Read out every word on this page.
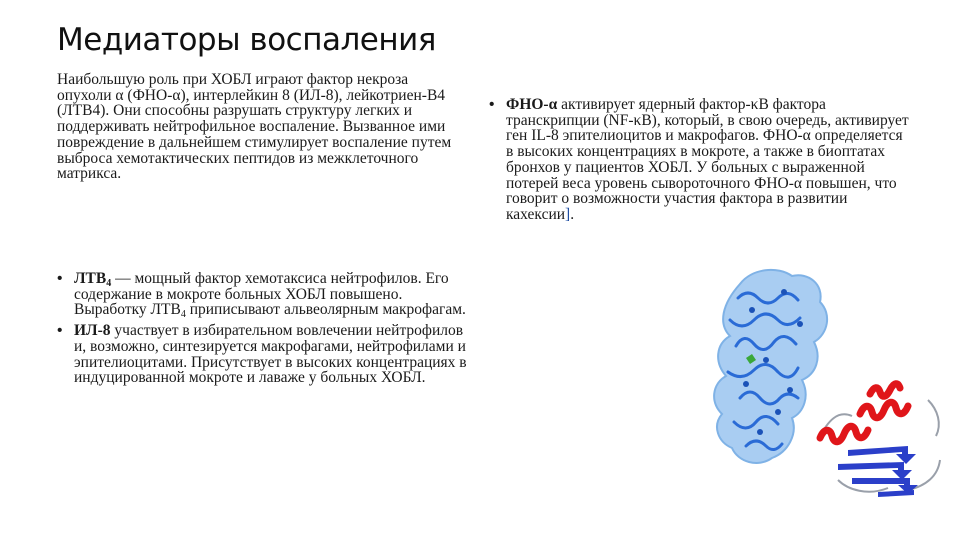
Медиаторы воспаления
Наибольшую роль при ХОБЛ играют фактор некроза опухоли α (ФНО-α), интерлейкин 8 (ИЛ-8), лейкотриен-В4 (ЛТВ4). Они способны разрушать структуру легких и поддерживать нейтрофильное воспаление. Вызванное ими повреждение в дальнейшем стимулирует воспаление путем выброса хемотактических пептидов из межклеточного матрикса.
• $ЛТВ_4$ — мощный фактор хемотаксиса нейтрофилов. Его содержание в мокроте больных ХОБЛ повышено. Выработку $ЛТВ_4$ приписывают альвеолярным макрофагам.
• ИЛ-8 участвует в избирательном вовлечении нейтрофилов и, возможно, синтезируется макрофагами, нейтрофилами и эпителиоцитами. Присутствует в высоких концентрациях в индуцированной мокроте и лаваже у больных ХОБЛ.
• ФНО-α активирует ядерный фактор-κВ фактора транскрипции (NF-κB), который, в свою очередь, активирует ген IL-8 эпителиоцитов и макрофагов. ФНО-α определяется в высоких концентрациях в мокроте, а также в биоптатах бронхов у пациентов ХОБЛ. У больных с выраженной потерей веса уровень сывороточного ФНО-α повышен, что говорит о возможности участия фактора в развитии кахексии].
